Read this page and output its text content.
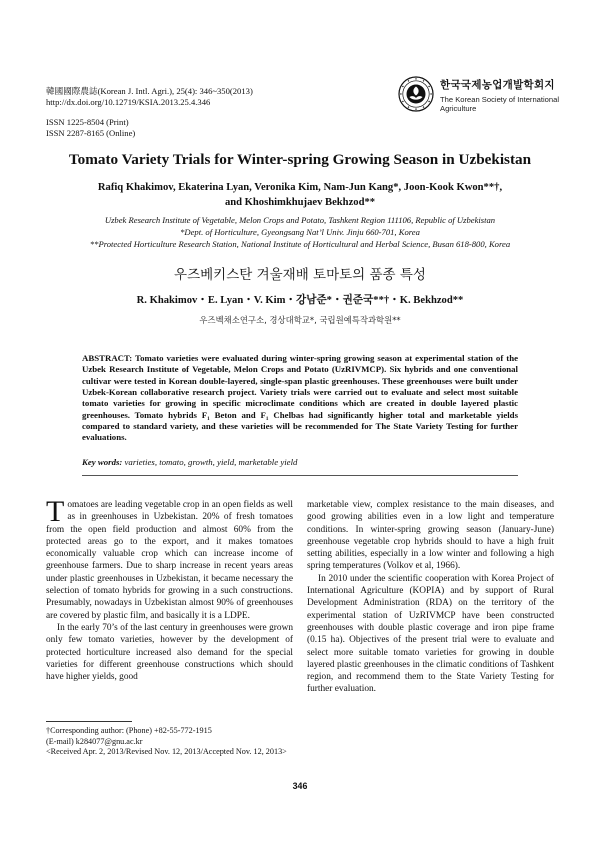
韓國國際農誌(Korean J. Intl. Agri.), 25(4): 346~350(2013)
http://dx.doi.org/10.12719/KSIA.2013.25.4.346
ISSN 1225-8504 (Print)
ISSN 2287-8165 (Online)
한국국제농업개발학회지
The Korean Society of International
Agriculture
Tomato Variety Trials for Winter-spring Growing Season in Uzbekistan
Rafiq Khakimov, Ekaterina Lyan, Veronika Kim, Nam-Jun Kang*, Joon-Kook Kwon**†,
and Khoshimkhujaev Bekhzod**
Uzbek Research Institute of Vegetable, Melon Crops and Potato, Tashkent Region 111106, Republic of Uzbekistan
*Dept. of Horticulture, Gyeongsang Nat’l Univ. Jinju 660-701, Korea
**Protected Horticulture Research Station, National Institute of Horticultural and Herbal Science, Busan 618-800, Korea
우즈베키스탄 겨울재배 토마토의 품종 특성
R. Khakimov・E. Lyan・V. Kim・강남준*・권준국**†・K. Bekhzod**
우즈벡채소연구소, 경상대학교*, 국립원예특작과학원**
ABSTRACT: Tomato varieties were evaluated during winter-spring growing season at experimental station of the Uzbek Research Institute of Vegetable, Melon Crops and Potato (UzRIVMCP). Six hybrids and one conventional cultivar were tested in Korean double-layered, single-span plastic greenhouses. These greenhouses were built under Uzbek-Korean collaborative research project. Variety trials were carried out to evaluate and select most suitable tomato varieties for growing in specific microclimate conditions which are created in double layered plastic greenhouses. Tomato hybrids F₁ Beton and F₁ Chelbas had significantly higher total and marketable yields compared to standard variety, and these varieties will be recommended for The State Variety Testing for further evaluations.
Key words: varieties, tomato, growth, yield, marketable yield

Tomatoes are leading vegetable crop in an open fields as well as in greenhouses in Uzbekistan. 20% of fresh tomatoes from the open field production and almost 60% from the protected areas go to the export, and it makes tomatoes economically valuable crop which can increase income of greenhouse farmers. Due to sharp increase in recent years areas under plastic greenhouses in Uzbekistan, it became necessary the selection of tomato hybrids for growing in a such constructions. Presumably, nowadays in Uzbekistan almost 90% of greenhouses are covered by plastic film, and basically it is a LDPE.

In the early 70’s of the last century in greenhouses were grown only few tomato varieties, however by the development of protected horticulture increased also demand for the special varieties for different greenhouse constructions which should have higher yields, good

marketable view, complex resistance to the main diseases, and good growing abilities even in a low light and temperature conditions. In winter-spring growing season (January-June) greenhouse vegetable crop hybrids should to have a high fruit setting abilities, especially in a low winter and following a high spring temperatures (Volkov et al, 1966).

In 2010 under the scientific cooperation with Korea Project of International Agriculture (KOPIA) and by support of Rural Development Administration (RDA) on the territory of the experimental station of UzRIVMCP have been constructed greenhouses with double plastic coverage and iron pipe frame (0.15 ha). Objectives of the present trial were to evaluate and select more suitable tomato varieties for growing in double layered plastic greenhouses in the climatic conditions of Tashkent region, and recommend them to the State Variety Testing for further evaluation.

†Corresponding author: (Phone) +82-55-772-1915
(E-mail) k284077@gnu.ac.kr
<Received Apr. 2, 2013/Revised Nov. 12, 2013/Accepted Nov. 12, 2013>
346
